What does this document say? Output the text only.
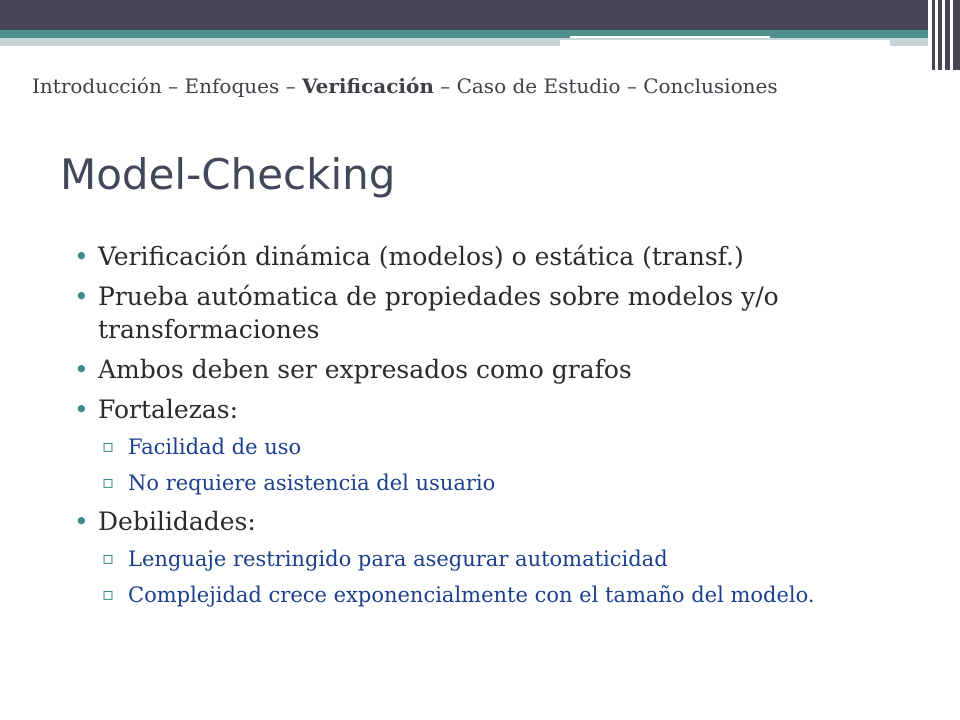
Introducción – Enfoques – Verificación – Caso de Estudio – Conclusiones
Model-Checking
• Verificación dinámica (modelos) o estática (transf.)
• Prueba autómatica de propiedades sobre modelos y/o transformaciones
• Ambos deben ser expresados como grafos
• Fortalezas:
▫ Facilidad de uso
▫ No requiere asistencia del usuario
• Debilidades:
▫ Lenguaje restringido para asegurar automaticidad
▫ Complejidad crece exponencialmente con el tamaño del modelo.
